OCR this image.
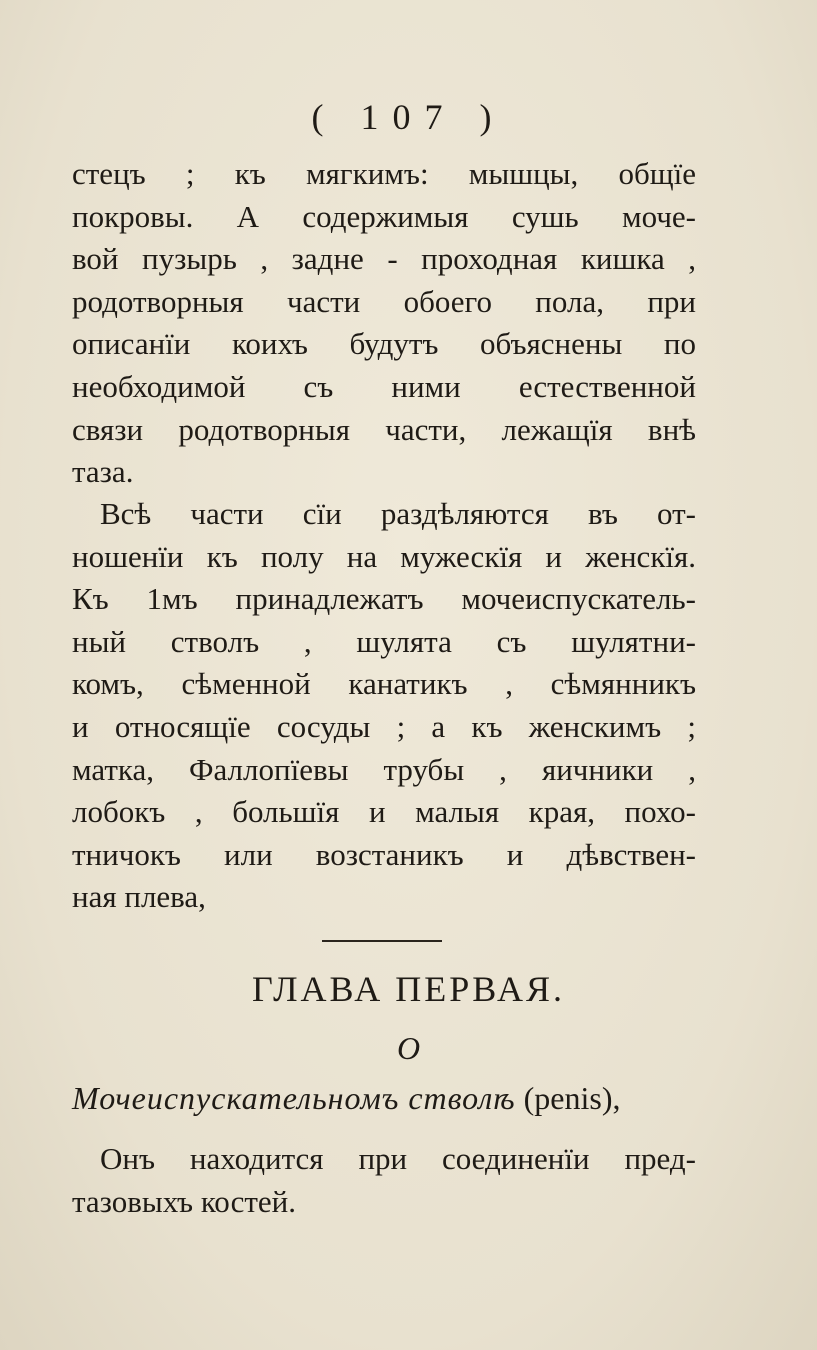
( 107 )
стецъ ; къ мягкимъ: мышцы, общїе
покровы. А содержимыя сушь моче-
вой пузырь , задне - проходная кишка ,
родотворныя части обоего пола, при
описанїи коихъ будутъ объяснены по
необходимой съ ними естественной
связи родотворныя части, лежащїя внѣ
таза.
Всѣ части сїи раздѣляются въ от-
ношенїи къ полу на мужескїя и женскїя.
Къ 1мъ принадлежатъ мочеиспускатель-
ный стволъ , шулята съ шулятни-
комъ, сѣменной канатикъ , сѣмянникъ
и относящїе сосуды ; а къ женскимъ ;
матка, Фаллопїевы трубы , яичники ,
лобокъ , большїя и малыя края, похо-
тничокъ или возстаникъ и дѣвствен-
ная плева,
ГЛАВА ПЕРВАЯ.
О
Мочеиспускательномъ стволѣ (penis),
Онъ находится при соединенїи пред-
тазовыхъ костей.
